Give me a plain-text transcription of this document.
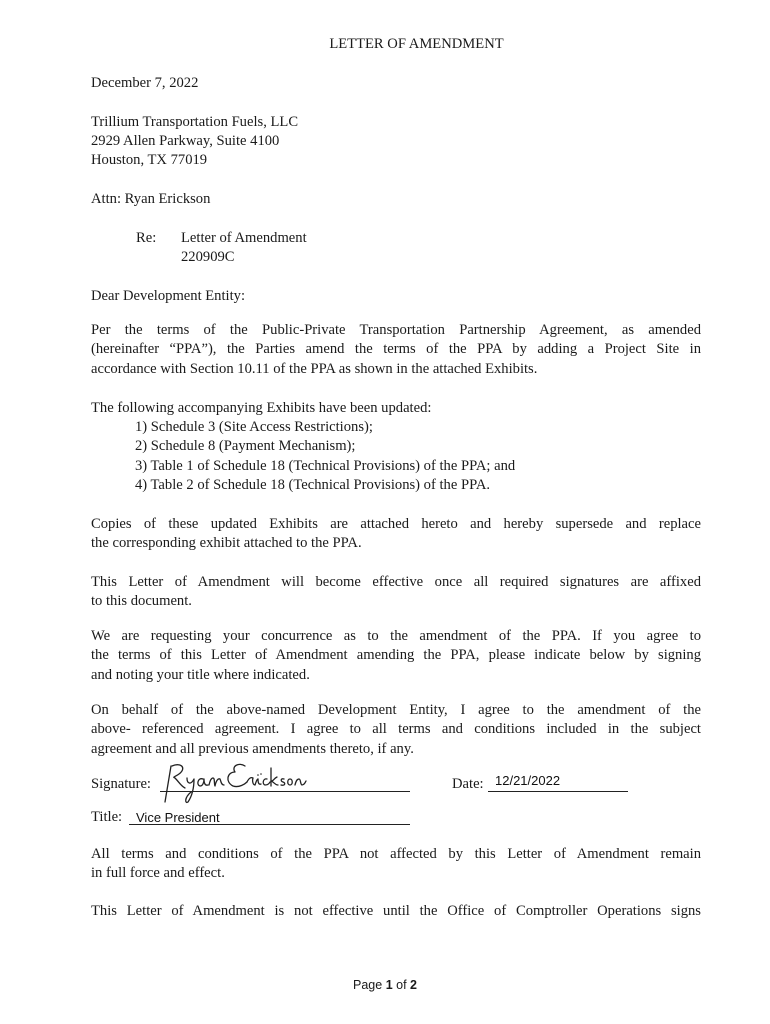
LETTER OF AMENDMENT
December 7, 2022
Trillium Transportation Fuels, LLC
2929 Allen Parkway, Suite 4100
Houston, TX 77019
Attn: Ryan Erickson
Re: Letter of Amendment
220909C
Dear Development Entity:
Per the terms of the Public-Private Transportation Partnership Agreement, as amended
(hereinafter “PPA”), the Parties amend the terms of the PPA by adding a Project Site in
accordance with Section 10.11 of the PPA as shown in the attached Exhibits.
The following accompanying Exhibits have been updated:
1) Schedule 3 (Site Access Restrictions);
2) Schedule 8 (Payment Mechanism);
3) Table 1 of Schedule 18 (Technical Provisions) of the PPA; and
4) Table 2 of Schedule 18 (Technical Provisions) of the PPA.
Copies of these updated Exhibits are attached hereto and hereby supersede and replace
the corresponding exhibit attached to the PPA.
This Letter of Amendment will become effective once all required signatures are affixed
to this document.
We are requesting your concurrence as to the amendment of the PPA. If you agree to
the terms of this Letter of Amendment amending the PPA, please indicate below by signing
and noting your title where indicated.
On behalf of the above-named Development Entity, I agree to the amendment of the
above- referenced agreement. I agree to all terms and conditions included in the subject
agreement and all previous amendments thereto, if any.
Signature:	Date: 12/21/2022
Title: Vice President
All terms and conditions of the PPA not affected by this Letter of Amendment remain
in full force and effect.
This Letter of Amendment is not effective until the Office of Comptroller Operations signs
Page 1 of 2
